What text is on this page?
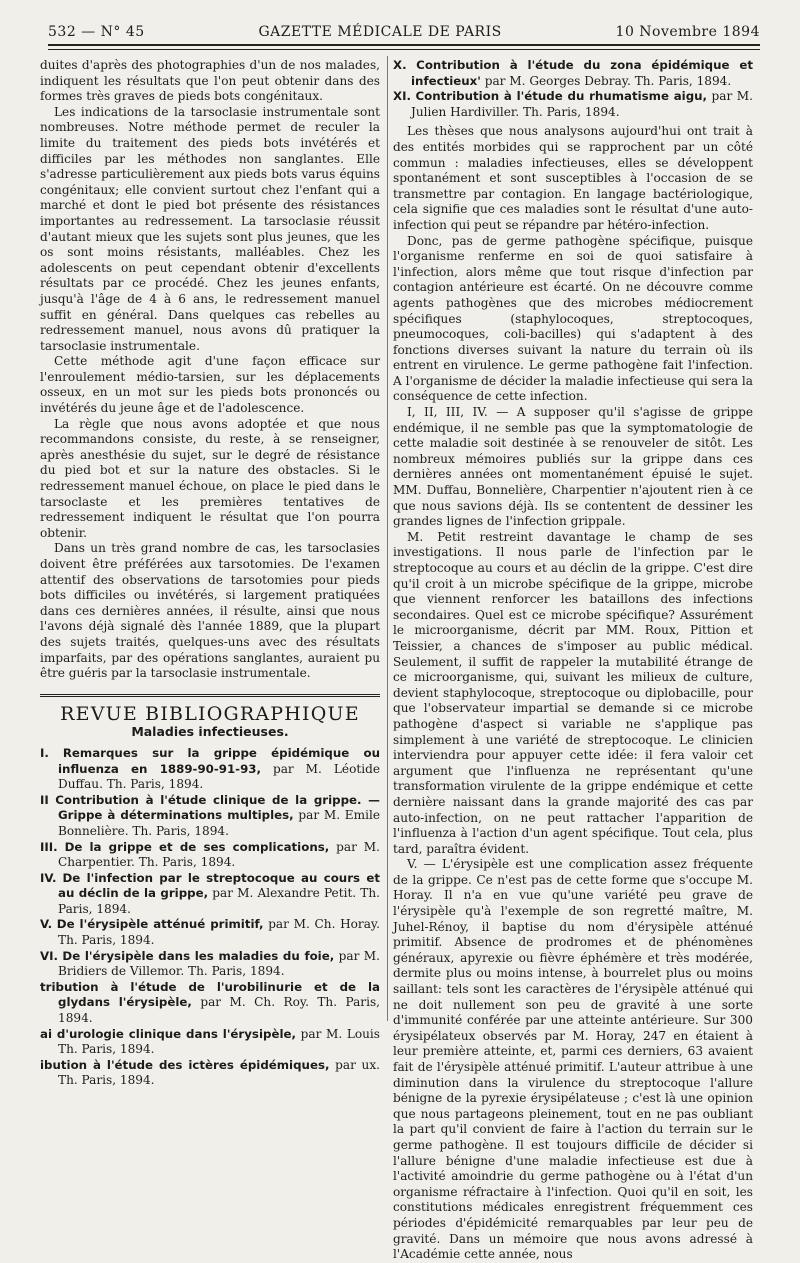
532 — N° 45	GAZETTE MÉDICALE DE PARIS	10 Novembre 1894

duites d'après des photographies d'un de nos malades, indiquent les résultats que l'on peut obtenir dans des formes très graves de pieds bots congénitaux.

Les indications de la tarsoclasie instrumentale sont nombreuses. Notre méthode permet de reculer la limite du traitement des pieds bots invétérés et difficiles par les méthodes non sanglantes. Elle s'adresse particulièrement aux pieds bots varus équins congénitaux; elle convient surtout chez l'enfant qui a marché et dont le pied bot présente des résistances importantes au redressement. La tarsoclasie réussit d'autant mieux que les sujets sont plus jeunes, que les os sont moins résistants, malléables. Chez les adolescents on peut cependant obtenir d'excellents résultats par ce procédé. Chez les jeunes enfants, jusqu'à l'âge de 4 à 6 ans, le redressement manuel suffit en général. Dans quelques cas rebelles au redressement manuel, nous avons dû pratiquer la tarsoclasie instrumentale.

Cette méthode agit d'une façon efficace sur l'enroulement médio-tarsien, sur les déplacements osseux, en un mot sur les pieds bots prononcés ou invétérés du jeune âge et de l'adolescence.

La règle que nous avons adoptée et que nous recommandons consiste, du reste, à se renseigner, après anesthésie du sujet, sur le degré de résistance du pied bot et sur la nature des obstacles. Si le redressement manuel échoue, on place le pied dans le tarsoclaste et les premières tentatives de redressement indiquent le résultat que l'on pourra obtenir.

Dans un très grand nombre de cas, les tarsoclasies doivent être préférées aux tarsotomies. De l'examen attentif des observations de tarsotomies pour pieds bots difficiles ou invétérés, si largement pratiquées dans ces dernières années, il résulte, ainsi que nous l'avons déjà signalé dès l'année 1889, que la plupart des sujets traités, quelques-uns avec des résultats imparfaits, par des opérations sanglantes, auraient pu être guéris par la tarsoclasie instrumentale.

REVUE BIBLIOGRAPHIQUE
Maladies infectieuses.

I. Remarques sur la grippe épidémique ou influenza en 1889-90-91-93, par M. Léotide Duffau. Th. Paris, 1894.

II Contribution à l'étude clinique de la grippe. — Grippe à déterminations multiples, par M. Emile Bonnelière. Th. Paris, 1894.

III. De la grippe et de ses complications, par M. Charpentier. Th. Paris, 1894.

IV. De l'infection par le streptocoque au cours et au déclin de la grippe, par M. Alexandre Petit. Th. Paris, 1894.

V. De l'érysipèle atténué primitif, par M. Ch. Horay. Th. Paris, 1894.

VI. De l'érysipèle dans les maladies du foie, par M. Bridiers de Villemor. Th. Paris, 1894.

tribution à l'étude de l'urobilinurie et de la glydans l'érysipèle, par M. Ch. Roy. Th. Paris, 1894.

ai d'urologie clinique dans l'érysipèle, par M. Louis Th. Paris, 1894.

ibution à l'étude des ictères épidémiques, par ux. Th. Paris, 1894.

X. Contribution à l'étude du zona épidémique et infectieux' par M. Georges Debray. Th. Paris, 1894.

XI. Contribution à l'étude du rhumatisme aigu, par M. Julien Hardiviller. Th. Paris, 1894.

Les thèses que nous analysons aujourd'hui ont trait à des entités morbides qui se rapprochent par un côté commun : maladies infectieuses, elles se développent spontanément et sont susceptibles à l'occasion de se transmettre par contagion. En langage bactériologique, cela signifie que ces maladies sont le résultat d'une auto-infection qui peut se répandre par hétéro-infection.

Donc, pas de germe pathogène spécifique, puisque l'organisme renferme en soi de quoi satisfaire à l'infection, alors même que tout risque d'infection par contagion antérieure est écarté. On ne découvre comme agents pathogènes que des microbes médiocrement spécifiques (staphylocoques, streptocoques, pneumocoques, coli-bacilles) qui s'adaptent à des fonctions diverses suivant la nature du terrain où ils entrent en virulence. Le germe pathogène fait l'infection. A l'organisme de décider la maladie infectieuse qui sera la conséquence de cette infection.

I, II, III, IV. — A supposer qu'il s'agisse de grippe endémique, il ne semble pas que la symptomatologie de cette maladie soit destinée à se renouveler de sitôt. Les nombreux mémoires publiés sur la grippe dans ces dernières années ont momentanément épuisé le sujet. MM. Duffau, Bonnelière, Charpentier n'ajoutent rien à ce que nous savions déjà. Ils se contentent de dessiner les grandes lignes de l'infection grippale.

M. Petit restreint davantage le champ de ses investigations. Il nous parle de l'infection par le streptocoque au cours et au déclin de la grippe. C'est dire qu'il croit à un microbe spécifique de la grippe, microbe que viennent renforcer les bataillons des infections secondaires. Quel est ce microbe spécifique? Assurément le microorganisme, décrit par MM. Roux, Pittion et Teissier, a chances de s'imposer au public médical. Seulement, il suffit de rappeler la mutabilité étrange de ce microorganisme, qui, suivant les milieux de culture, devient staphylocoque, streptocoque ou diplobacille, pour que l'observateur impartial se demande si ce microbe pathogène d'aspect si variable ne s'applique pas simplement à une variété de streptocoque. Le clinicien interviendra pour appuyer cette idée: il fera valoir cet argument que l'influenza ne représentant qu'une transformation virulente de la grippe endémique et cette dernière naissant dans la grande majorité des cas par auto-infection, on ne peut rattacher l'apparition de l'influenza à l'action d'un agent spécifique. Tout cela, plus tard, paraîtra évident.

V. — L'érysipèle est une complication assez fréquente de la grippe. Ce n'est pas de cette forme que s'occupe M. Horay. Il n'a en vue qu'une variété peu grave de l'érysipèle qu'à l'exemple de son regretté maître, M. Juhel-Rénoy, il baptise du nom d'érysipèle atténué primitif. Absence de prodromes et de phénomènes généraux, apyrexie ou fièvre éphémère et très modérée, dermite plus ou moins intense, à bourrelet plus ou moins saillant: tels sont les caractères de l'érysipèle atténué qui ne doit nullement son peu de gravité à une sorte d'immunité conférée par une atteinte antérieure. Sur 300 érysipélateux observés par M. Horay, 247 en étaient à leur première atteinte, et, parmi ces derniers, 63 avaient fait de l'érysipèle atténué primitif. L'auteur attribue à une diminution dans la virulence du streptocoque l'allure bénigne de la pyrexie érysipélateuse ; c'est là une opinion que nous partageons pleinement, tout en ne pas oubliant la part qu'il convient de faire à l'action du terrain sur le germe pathogène. Il est toujours difficile de décider si l'allure bénigne d'une maladie infectieuse est due à l'activité amoindrie du germe pathogène ou à l'état d'un organisme réfractaire à l'infection. Quoi qu'il en soit, les constitutions médicales enregistrent fréquemment ces périodes d'épidémicité remarquables par leur peu de gravité. Dans un mémoire que nous avons adressé à l'Académie cette année, nous
